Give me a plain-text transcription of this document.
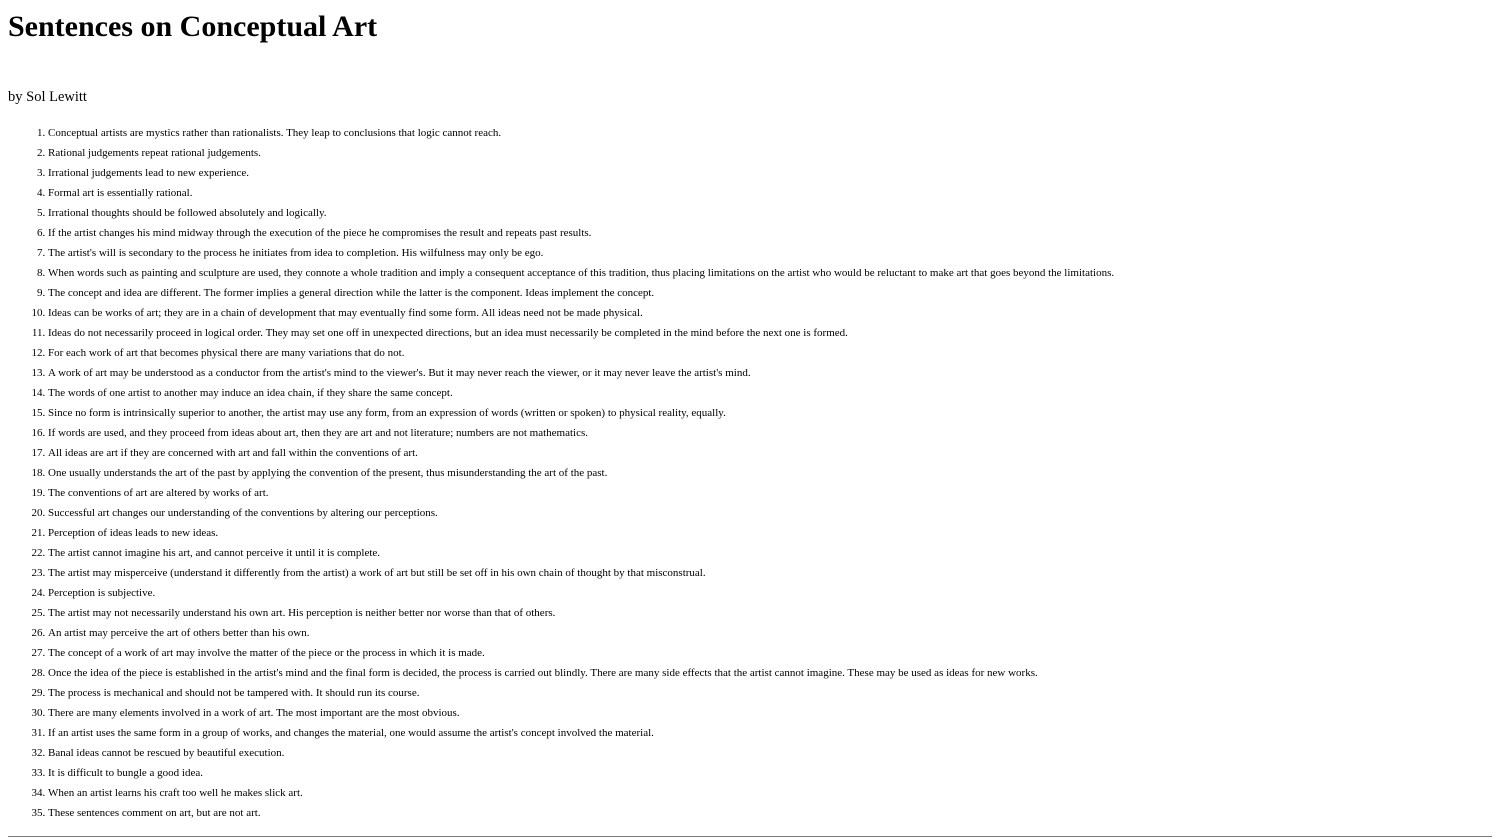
Sentences on Conceptual Art

by Sol Lewitt

1. Conceptual artists are mystics rather than rationalists. They leap to conclusions that logic cannot reach.
2. Rational judgements repeat rational judgements.
3. Irrational judgements lead to new experience.
4. Formal art is essentially rational.
5. Irrational thoughts should be followed absolutely and logically.
6. If the artist changes his mind midway through the execution of the piece he compromises the result and repeats past results.
7. The artist's will is secondary to the process he initiates from idea to completion. His wilfulness may only be ego.
8. When words such as painting and sculpture are used, they connote a whole tradition and imply a consequent acceptance of this tradition, thus placing limitations on the artist who would be reluctant to make art that goes beyond the limitations.
9. The concept and idea are different. The former implies a general direction while the latter is the component. Ideas implement the concept.
10. Ideas can be works of art; they are in a chain of development that may eventually find some form. All ideas need not be made physical.
11. Ideas do not necessarily proceed in logical order. They may set one off in unexpected directions, but an idea must necessarily be completed in the mind before the next one is formed.
12. For each work of art that becomes physical there are many variations that do not.
13. A work of art may be understood as a conductor from the artist's mind to the viewer's. But it may never reach the viewer, or it may never leave the artist's mind.
14. The words of one artist to another may induce an idea chain, if they share the same concept.
15. Since no form is intrinsically superior to another, the artist may use any form, from an expression of words (written or spoken) to physical reality, equally.
16. If words are used, and they proceed from ideas about art, then they are art and not literature; numbers are not mathematics.
17. All ideas are art if they are concerned with art and fall within the conventions of art.
18. One usually understands the art of the past by applying the convention of the present, thus misunderstanding the art of the past.
19. The conventions of art are altered by works of art.
20. Successful art changes our understanding of the conventions by altering our perceptions.
21. Perception of ideas leads to new ideas.
22. The artist cannot imagine his art, and cannot perceive it until it is complete.
23. The artist may misperceive (understand it differently from the artist) a work of art but still be set off in his own chain of thought by that misconstrual.
24. Perception is subjective.
25. The artist may not necessarily understand his own art. His perception is neither better nor worse than that of others.
26. An artist may perceive the art of others better than his own.
27. The concept of a work of art may involve the matter of the piece or the process in which it is made.
28. Once the idea of the piece is established in the artist's mind and the final form is decided, the process is carried out blindly. There are many side effects that the artist cannot imagine. These may be used as ideas for new works.
29. The process is mechanical and should not be tampered with. It should run its course.
30. There are many elements involved in a work of art. The most important are the most obvious.
31. If an artist uses the same form in a group of works, and changes the material, one would assume the artist's concept involved the material.
32. Banal ideas cannot be rescued by beautiful execution.
33. It is difficult to bungle a good idea.
34. When an artist learns his craft too well he makes slick art.
35. These sentences comment on art, but are not art.
